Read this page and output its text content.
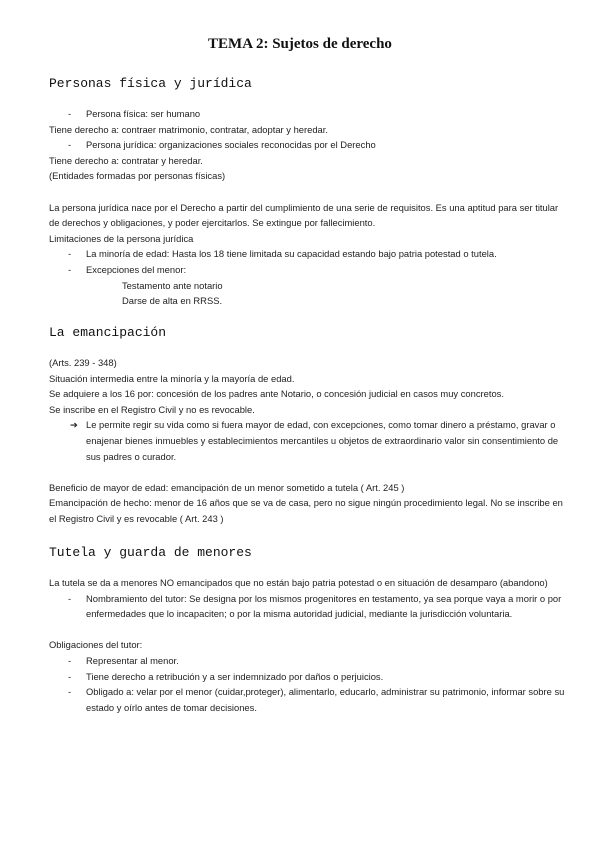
TEMA 2: Sujetos de derecho
Personas física y jurídica
- Persona física: ser humano
Tiene derecho a: contraer matrimonio, contratar, adoptar y heredar.
- Persona jurídica: organizaciones sociales reconocidas por el Derecho
Tiene derecho a: contratar y heredar.
(Entidades formadas por personas físicas)
La persona jurídica nace por el Derecho a partir del cumplimiento de una serie de requisitos. Es una aptitud para ser titular de derechos y obligaciones, y poder ejercitarlos. Se extingue por fallecimiento.
Limitaciones de la persona jurídica
- La minoría de edad: Hasta los 18 tiene limitada su capacidad estando bajo patria potestad o tutela.
- Excepciones del menor:
Testamento ante notario
Darse de alta en RRSS.
La emancipación
(Arts. 239 - 348)
Situación intermedia entre la minoría y la mayoría de edad.
Se adquiere a los 16 por: concesión de los padres ante Notario, o concesión judicial en casos muy concretos.
Se inscribe en el Registro Civil y no es revocable.
➔ Le permite regir su vida como si fuera mayor de edad, con excepciones, como tomar dinero a préstamo, gravar o enajenar bienes inmuebles y establecimientos mercantiles u objetos de extraordinario valor sin consentimiento de sus padres o curador.
Beneficio de mayor de edad: emancipación de un menor sometido a tutela ( Art. 245 )
Emancipación de hecho: menor de 16 años que se va de casa, pero no sigue ningún procedimiento legal. No se inscribe en el Registro Civil y es revocable ( Art. 243 )
Tutela y guarda de menores
La tutela se da a menores NO emancipados que no están bajo patria potestad o en situación de desamparo (abandono)
- Nombramiento del tutor: Se designa por los mismos progenitores en testamento, ya sea porque vaya a morir o por enfermedades que lo incapaciten; o por la misma autoridad judicial, mediante la jurisdicción voluntaria.
Obligaciones del tutor:
- Representar al menor.
- Tiene derecho a retribución y a ser indemnizado por daños o perjuicios.
- Obligado a: velar por el menor (cuidar,proteger), alimentarlo, educarlo, administrar su patrimonio, informar sobre su estado y oírlo antes de tomar decisiones.
